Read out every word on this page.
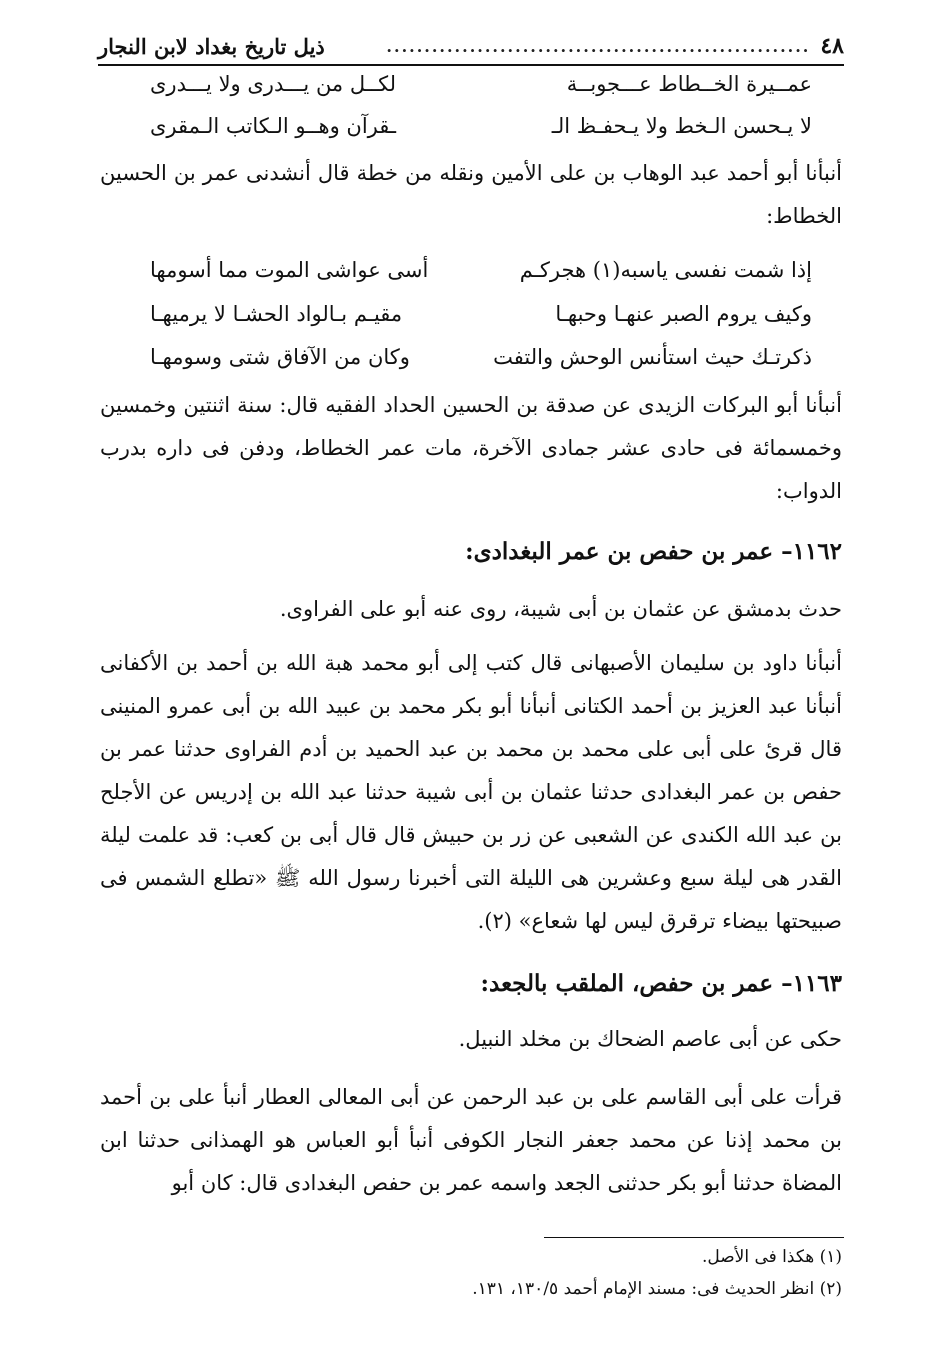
٤٨
........................................................
ذيل تاريخ بغداد لابن النجار
عمــيرة الخــطاط عـــجوبــة
لكــل من يـــدرى ولا يـــدرى
لا يـحسن الـخط ولا يـحفـظ الـ
ـقرآن وهــو الـكاتب الـمقرى
أنبأنا أبو أحمد عبد الوهاب بن على الأمين ونقله من خطة قال أنشدنى عمر بن الحسين الخطاط:
إذا شمت نفسى ياسبه(١) هجركـم
أسى عواشى الموت مما أسومها
وكيف يروم الصبر عنهـا وحبهـا
مقيـم بـالواد الحشـا لا يرميهـا
ذكرتـك حيث استأنس الوحش والتفت
وكان من الآفاق شتى وسومهـا
أنبأنا أبو البركات الزيدى عن صدقة بن الحسين الحداد الفقيه قال: سنة اثنتين وخمسين وخمسمائة فى حادى عشر جمادى الآخرة، مات عمر الخطاط، ودفن فى داره بدرب الدواب:
١١٦٢– عمر بن حفص بن عمر البغدادى:
حدث بدمشق عن عثمان بن أبى شيبة، روى عنه أبو على الفراوى.
أنبأنا داود بن سليمان الأصبهانى قال كتب إلى أبو محمد هبة الله بن أحمد بن الأكفانى أنبأنا عبد العزيز بن أحمد الكتانى أنبأنا أبو بكر محمد بن عبيد الله بن أبى عمرو المنينى قال قرئ على أبى على محمد بن محمد بن عبد الحميد بن أدم الفراوى حدثنا عمر بن حفص بن عمر البغدادى حدثنا عثمان بن أبى شيبة حدثنا عبد الله بن إدريس عن الأجلح بن عبد الله الكندى عن الشعبى عن زر بن حبيش قال قال أبى بن كعب: قد علمت ليلة القدر هى ليلة سبع وعشرين هى الليلة التى أخبرنا رسول الله ﷺ «تطلع الشمس فى صبيحتها بيضاء ترقرق ليس لها شعاع» (٢).
١١٦٣– عمر بن حفص، الملقب بالجعد:
حكى عن أبى عاصم الضحاك بن مخلد النبيل.
قرأت على أبى القاسم على بن عبد الرحمن عن أبى المعالى العطار أنبأ على بن أحمد بن محمد إذنا عن محمد جعفر النجار الكوفى أنبأ أبو العباس هو الهمذانى حدثنا ابن المضاة حدثنا أبو بكر حدثنى الجعد واسمه عمر بن حفص البغدادى قال: كان أبو
(١) هكذا فى الأصل.
(٢) انظر الحديث فى: مسند الإمام أحمد ١٣٠/٥، ١٣١.
